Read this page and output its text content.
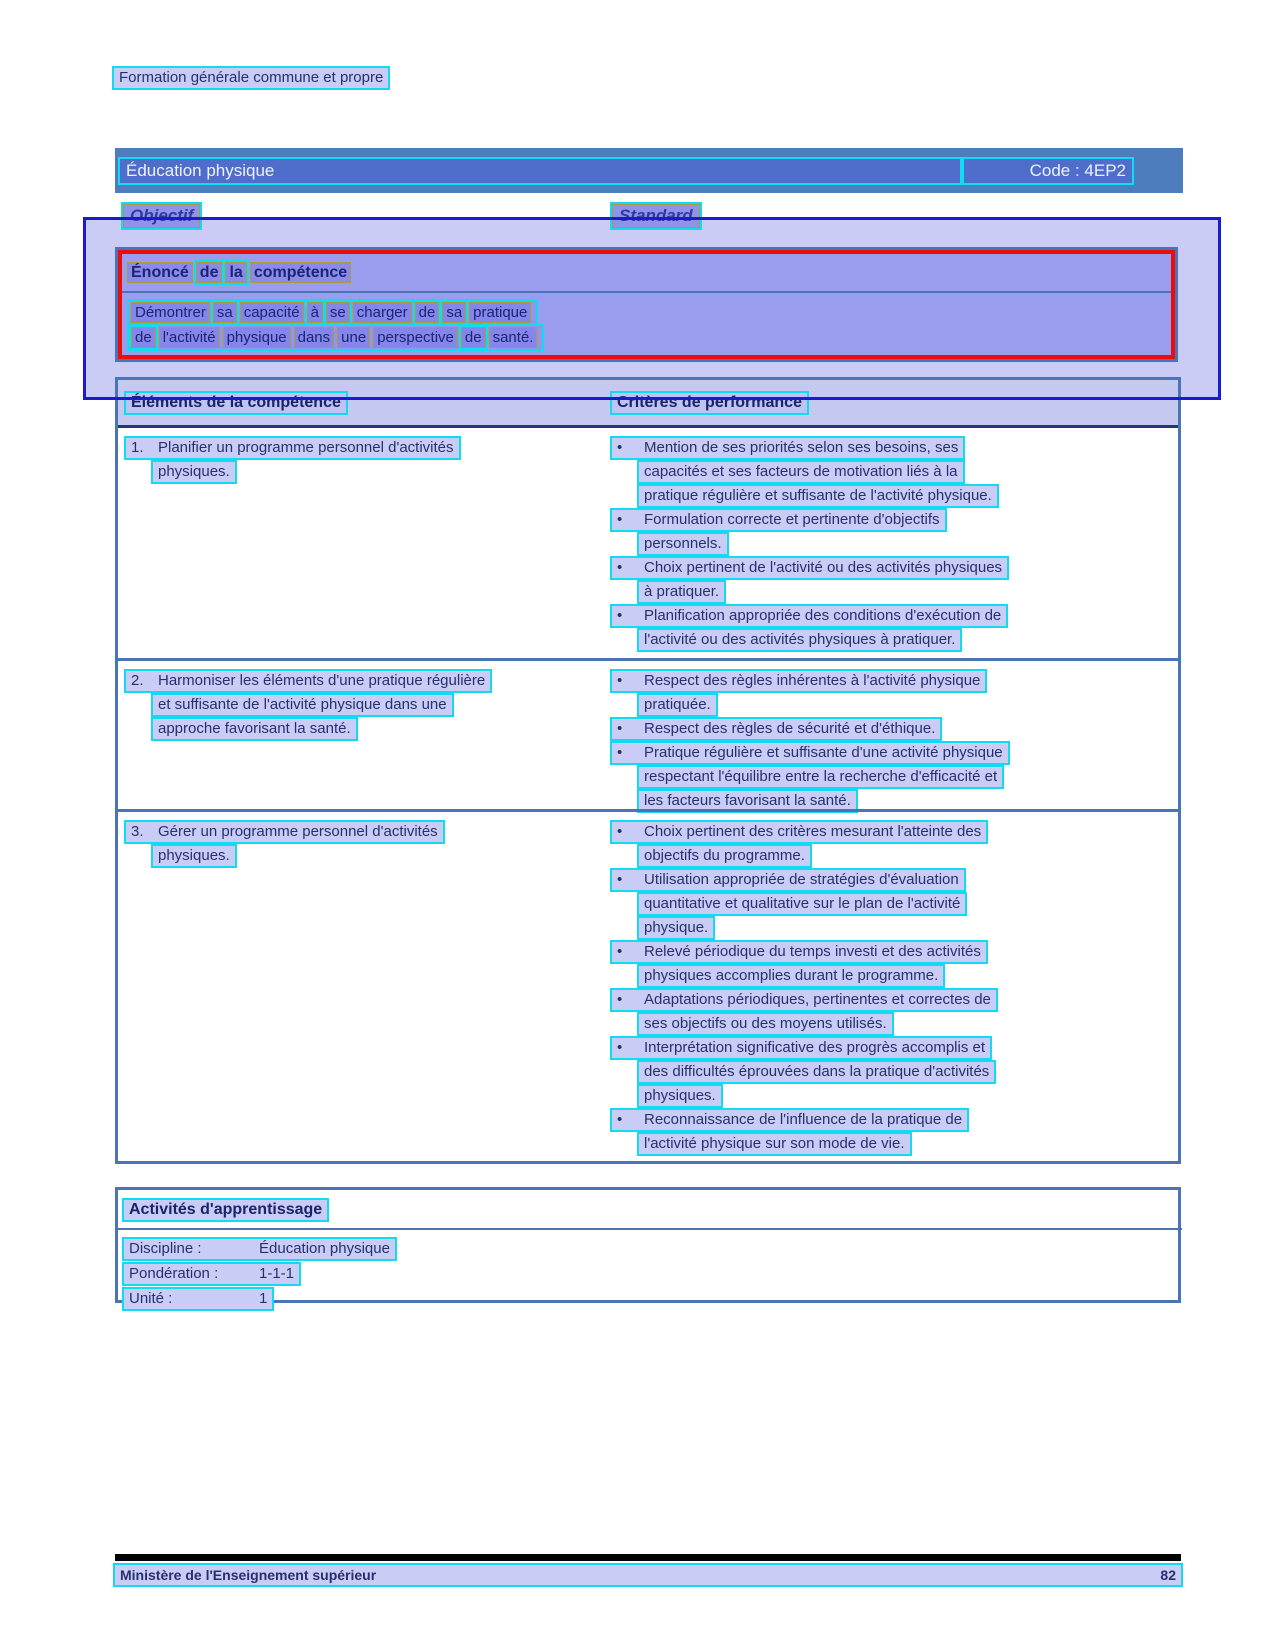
Formation générale commune et propre
Éducation physique	Code : 4EP2
Objectif	Standard
Énoncé de la compétence
Démontrer sa capacité à se charger de sa pratique
de l'activité physique dans une perspective de santé.
Éléments de la compétence	Critères de performance
1. Planifier un programme personnel d'activités
physiques.
• Mention de ses priorités selon ses besoins, ses
capacités et ses facteurs de motivation liés à la
pratique régulière et suffisante de l'activité physique.
• Formulation correcte et pertinente d'objectifs
personnels.
• Choix pertinent de l'activité ou des activités physiques
à pratiquer.
• Planification appropriée des conditions d'exécution de
l'activité ou des activités physiques à pratiquer.
2. Harmoniser les éléments d'une pratique régulière
et suffisante de l'activité physique dans une
approche favorisant la santé.
• Respect des règles inhérentes à l'activité physique
pratiquée.
• Respect des règles de sécurité et d'éthique.
• Pratique régulière et suffisante d'une activité physique
respectant l'équilibre entre la recherche d'efficacité et
les facteurs favorisant la santé.
3. Gérer un programme personnel d'activités
physiques.
• Choix pertinent des critères mesurant l'atteinte des
objectifs du programme.
• Utilisation appropriée de stratégies d'évaluation
quantitative et qualitative sur le plan de l'activité
physique.
• Relevé périodique du temps investi et des activités
physiques accomplies durant le programme.
• Adaptations périodiques, pertinentes et correctes de
ses objectifs ou des moyens utilisés.
• Interprétation significative des progrès accomplis et
des difficultés éprouvées dans la pratique d'activités
physiques.
• Reconnaissance de l'influence de la pratique de
l'activité physique sur son mode de vie.
Activités d'apprentissage
Discipline :	Éducation physique
Pondération :	1-1-1
Unité :	1
Ministère de l'Enseignement supérieur	82
